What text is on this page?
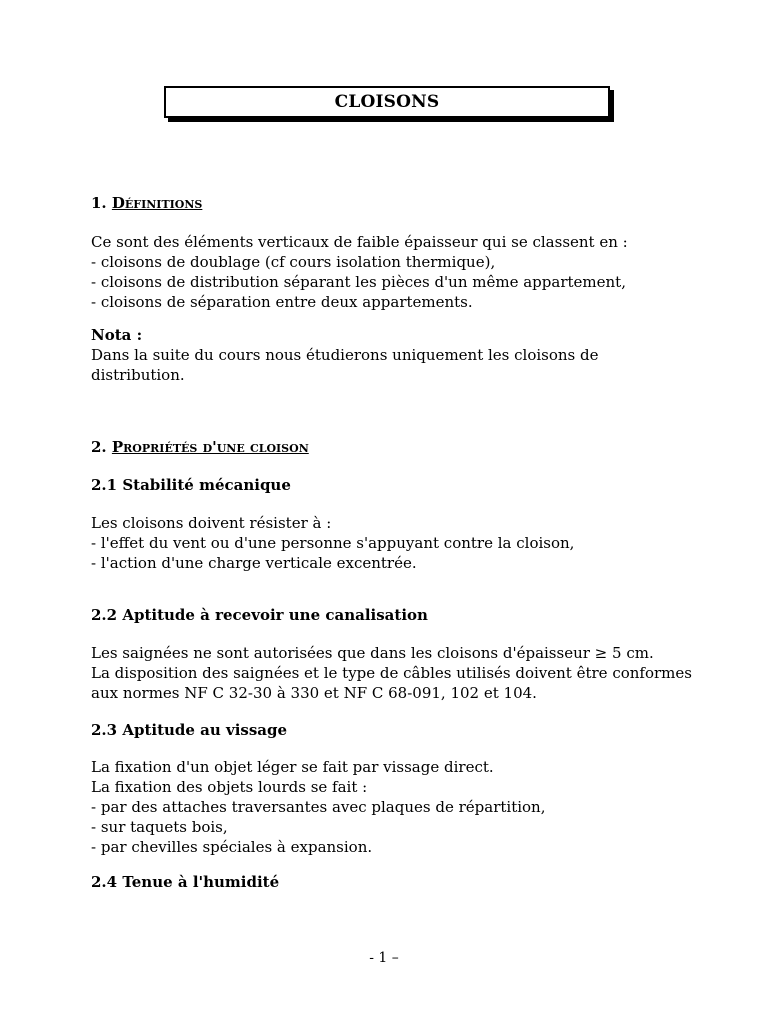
CLOISONS
1. Définitions
Ce sont des éléments verticaux de faible épaisseur qui se classent en :
- cloisons de doublage (cf cours isolation thermique),
- cloisons de distribution séparant les pièces d'un même appartement,
- cloisons de séparation entre deux appartements.
Nota :
Dans la suite du cours nous étudierons uniquement les cloisons de
distribution.
2. Propriétés d'une cloison
2.1 Stabilité mécanique
Les cloisons doivent résister à :
- l'effet du vent ou d'une personne s'appuyant contre la cloison,
- l'action d'une charge verticale excentrée.
2.2 Aptitude à recevoir une canalisation
Les saignées ne sont autorisées que dans les cloisons d'épaisseur ≥ 5 cm.
La disposition des saignées et le type de câbles utilisés doivent être conformes
aux normes NF C 32-30 à 330 et NF C 68-091, 102 et 104.
2.3 Aptitude au vissage
La fixation d'un objet léger se fait par vissage direct.
La fixation des objets lourds se fait :
- par des attaches traversantes avec plaques de répartition,
- sur taquets bois,
- par chevilles spéciales à expansion.
2.4 Tenue à l'humidité
- 1 –
